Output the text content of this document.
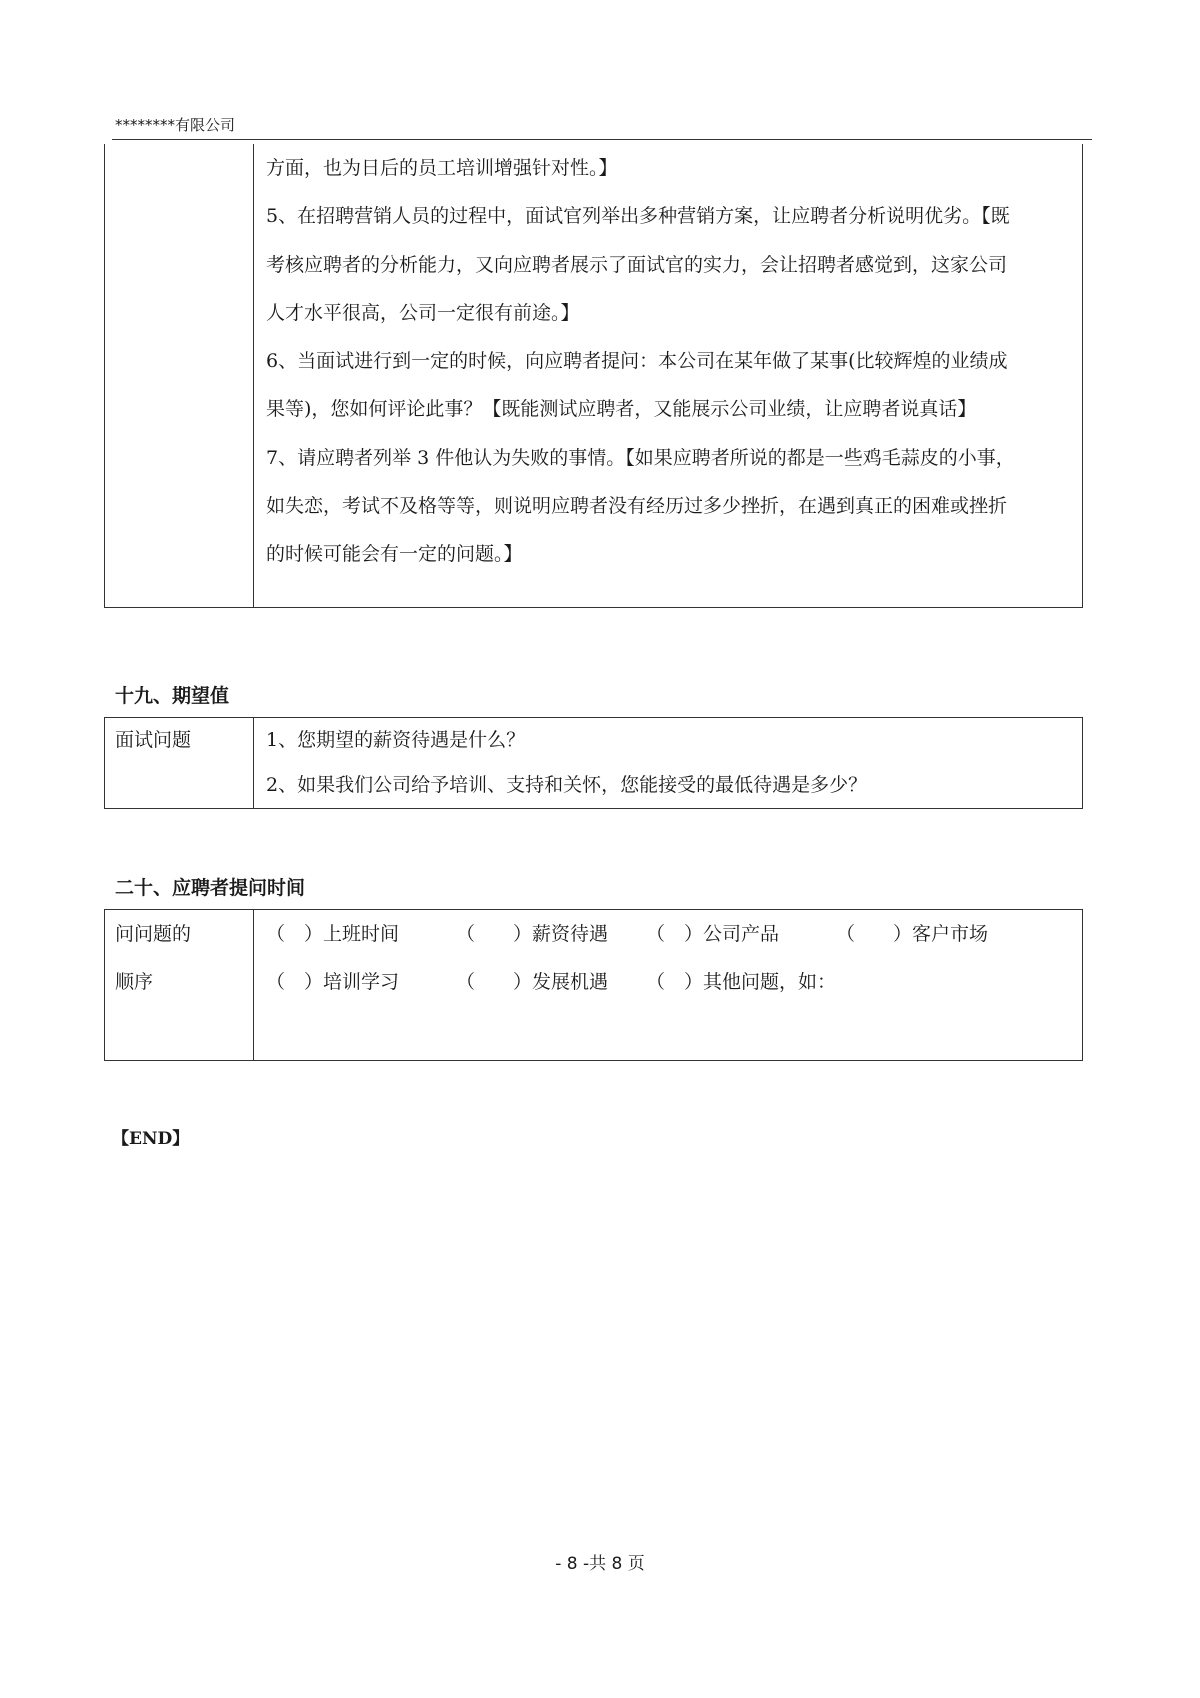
********有限公司

方面，也为日后的员工培训增强针对性。】
5、在招聘营销人员的过程中，面试官列举出多种营销方案，让应聘者分析说明优劣。【既
考核应聘者的分析能力，又向应聘者展示了面试官的实力，会让招聘者感觉到，这家公司
人才水平很高，公司一定很有前途。】
6、当面试进行到一定的时候，向应聘者提问：本公司在某年做了某事(比较辉煌的业绩成
果等)，您如何评论此事？【既能测试应聘者，又能展示公司业绩，让应聘者说真话】
7、请应聘者列举 3 件他认为失败的事情。【如果应聘者所说的都是一些鸡毛蒜皮的小事，
如失恋，考试不及格等等，则说明应聘者没有经历过多少挫折，在遇到真正的困难或挫折
的时候可能会有一定的问题。】
十九、期望值
面试问题	1、您期望的薪资待遇是什么？
2、如果我们公司给予培训、支持和关怀，您能接受的最低待遇是多少？
二十、应聘者提问时间
问问题的
顺序

（　）上班时间	（　　）薪资待遇	（　）公司产品	（　　）客户市场
（　）培训学习	（　　）发展机遇	（　）其他问题，如：
【END】
- 8 -共 8 页
